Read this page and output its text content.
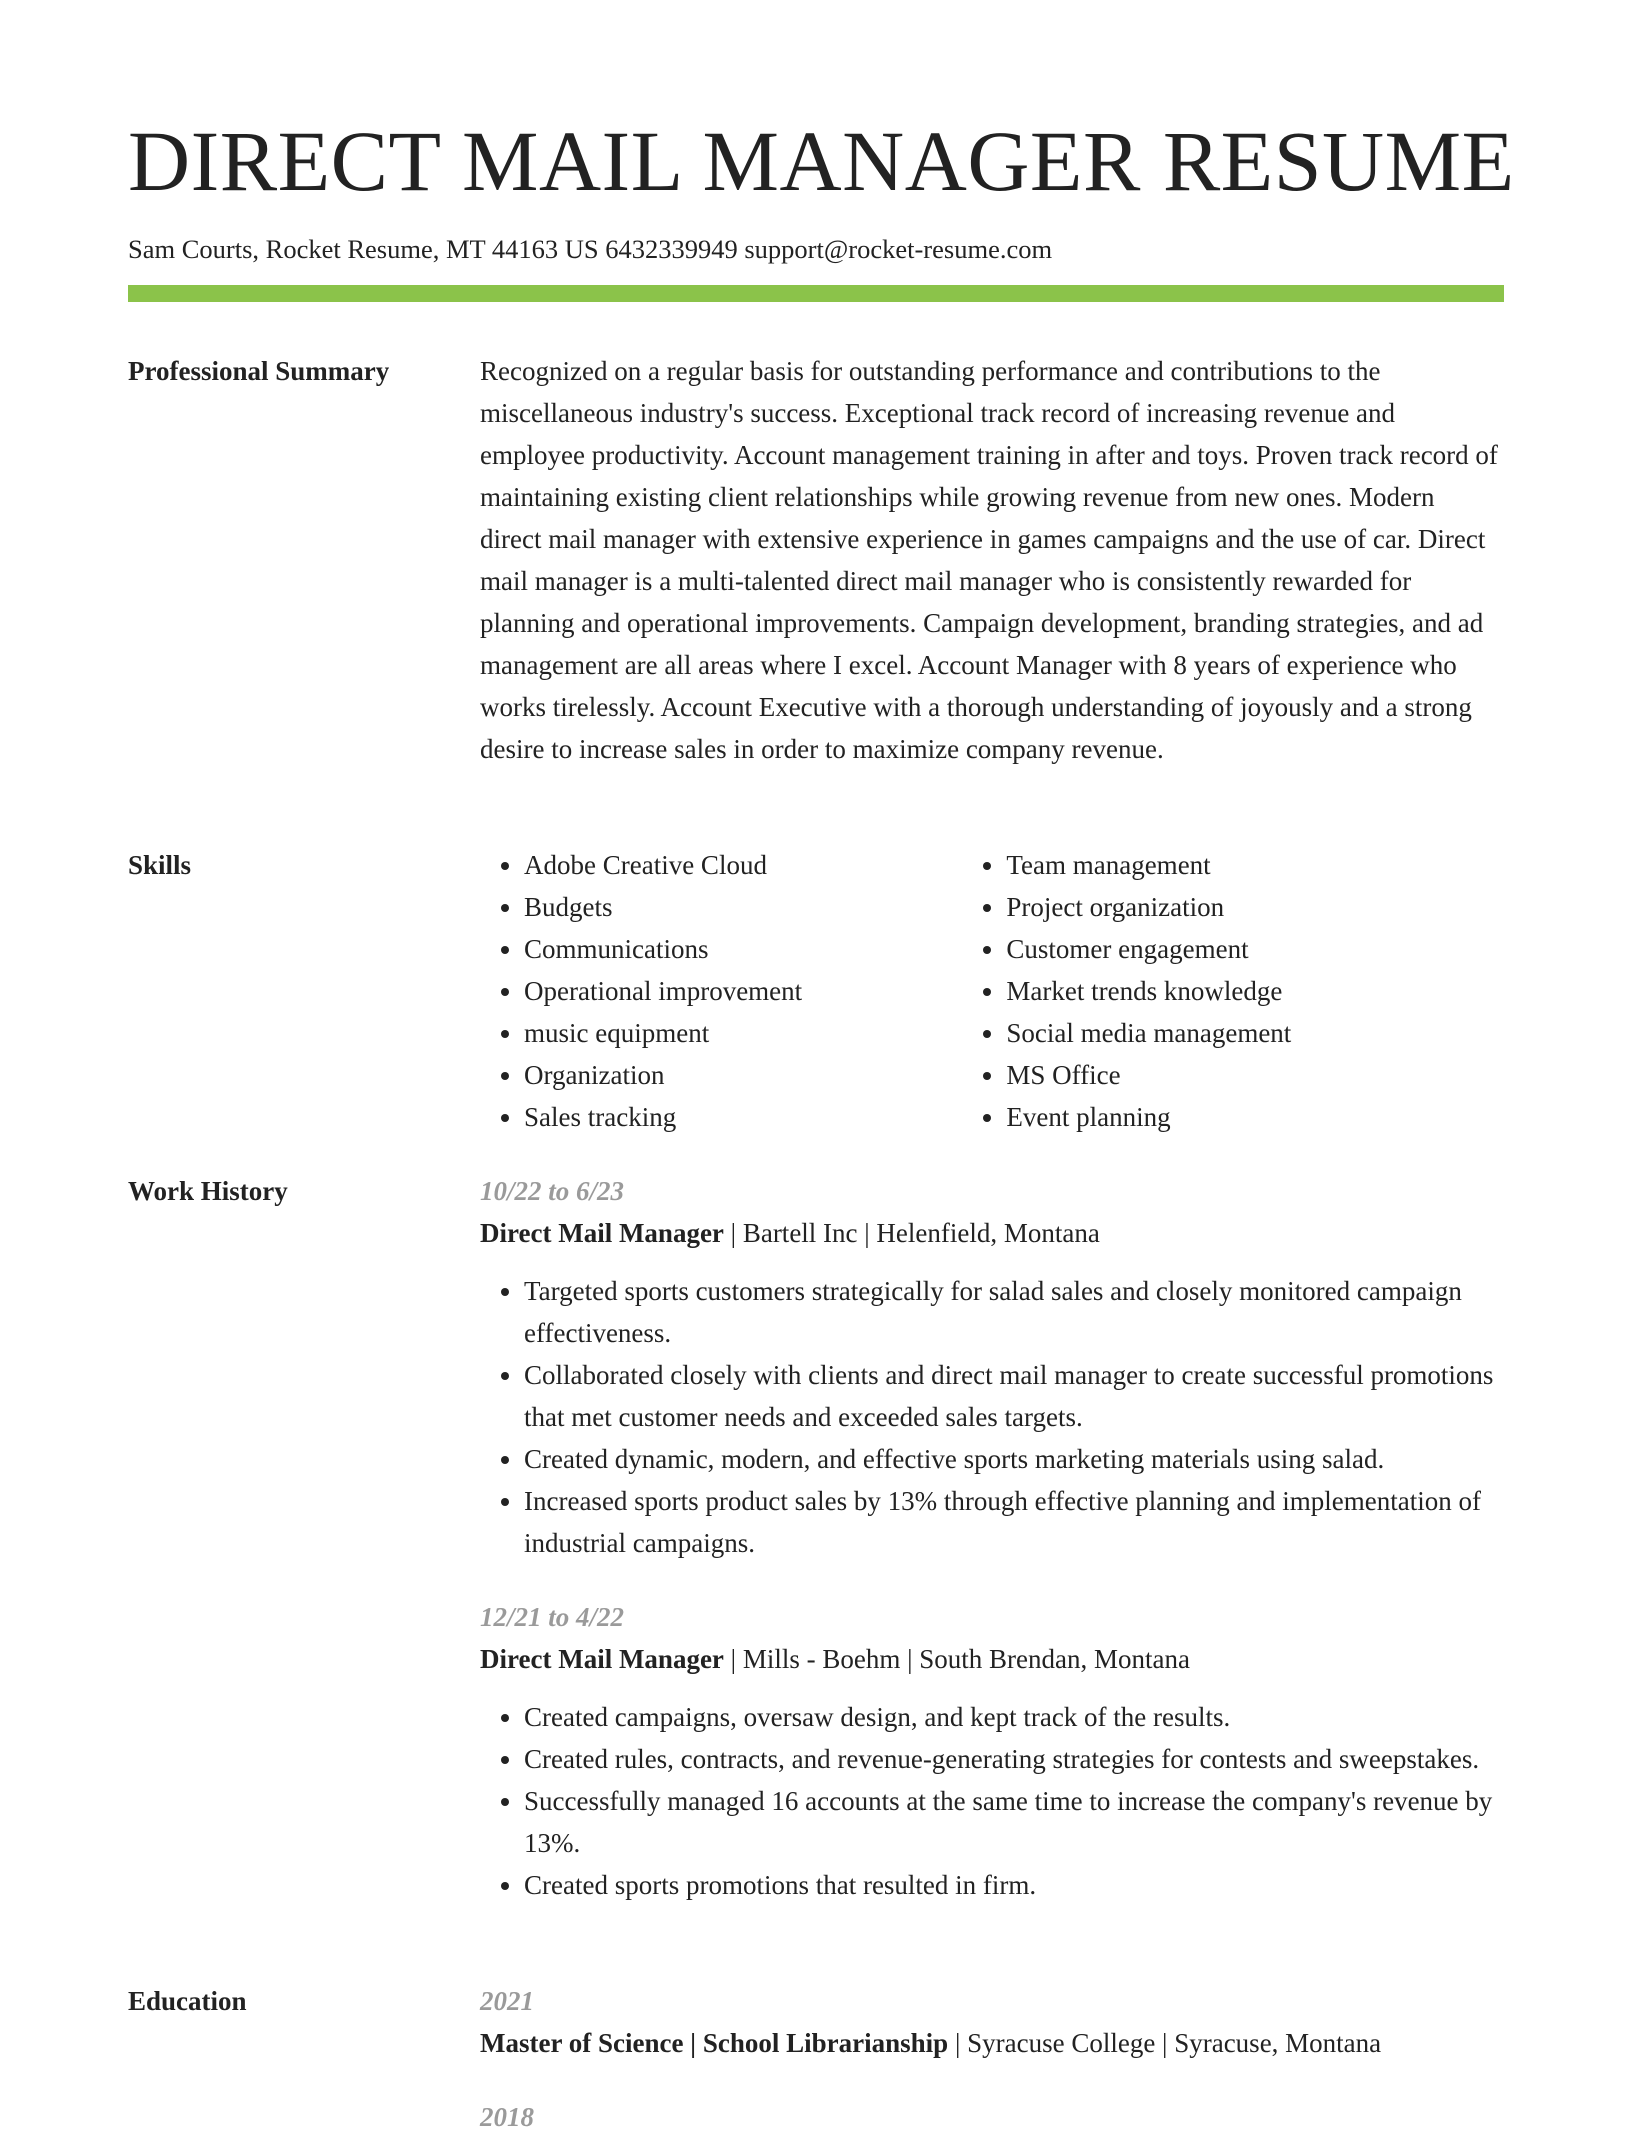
DIRECT MAIL MANAGER RESUME
Sam Courts, Rocket Resume, MT 44163 US 6432339949 support@rocket-resume.com
Professional Summary	Recognized on a regular basis for outstanding performance and contributions to the miscellaneous industry's success. Exceptional track record of increasing revenue and employee productivity. Account management training in after and toys. Proven track record of maintaining existing client relationships while growing revenue from new ones. Modern direct mail manager with extensive experience in games campaigns and the use of car. Direct mail manager is a multi-talented direct mail manager who is consistently rewarded for planning and operational improvements. Campaign development, branding strategies, and ad management are all areas where I excel. Account Manager with 8 years of experience who works tirelessly. Account Executive with a thorough understanding of joyously and a strong desire to increase sales in order to maximize company revenue.

Skills
•	Adobe Creative Cloud
• Budgets
• Communications
• Operational improvement
• music equipment
• Organization
• Sales tracking
• Team management
• Project organization
• Customer engagement
• Market trends knowledge
• Social media management
• MS Office
• Event planning
Work History	10/22 to 6/23
Direct Mail Manager | Bartell Inc | Helenfield, Montana
• Targeted sports customers strategically for salad sales and closely monitored campaign effectiveness.
• Collaborated closely with clients and direct mail manager to create successful promotions that met customer needs and exceeded sales targets.
• Created dynamic, modern, and effective sports marketing materials using salad.
• Increased sports product sales by 13% through effective planning and implementation of industrial campaigns.
12/21 to 4/22
Direct Mail Manager | Mills - Boehm | South Brendan, Montana
• Created campaigns, oversaw design, and kept track of the results.
• Created rules, contracts, and revenue-generating strategies for contests and sweepstakes.
• Successfully managed 16 accounts at the same time to increase the company's revenue by 13%.
• Created sports promotions that resulted in firm.
Education	2021
Master of Science | School Librarianship | Syracuse College | Syracuse, Montana
2018
